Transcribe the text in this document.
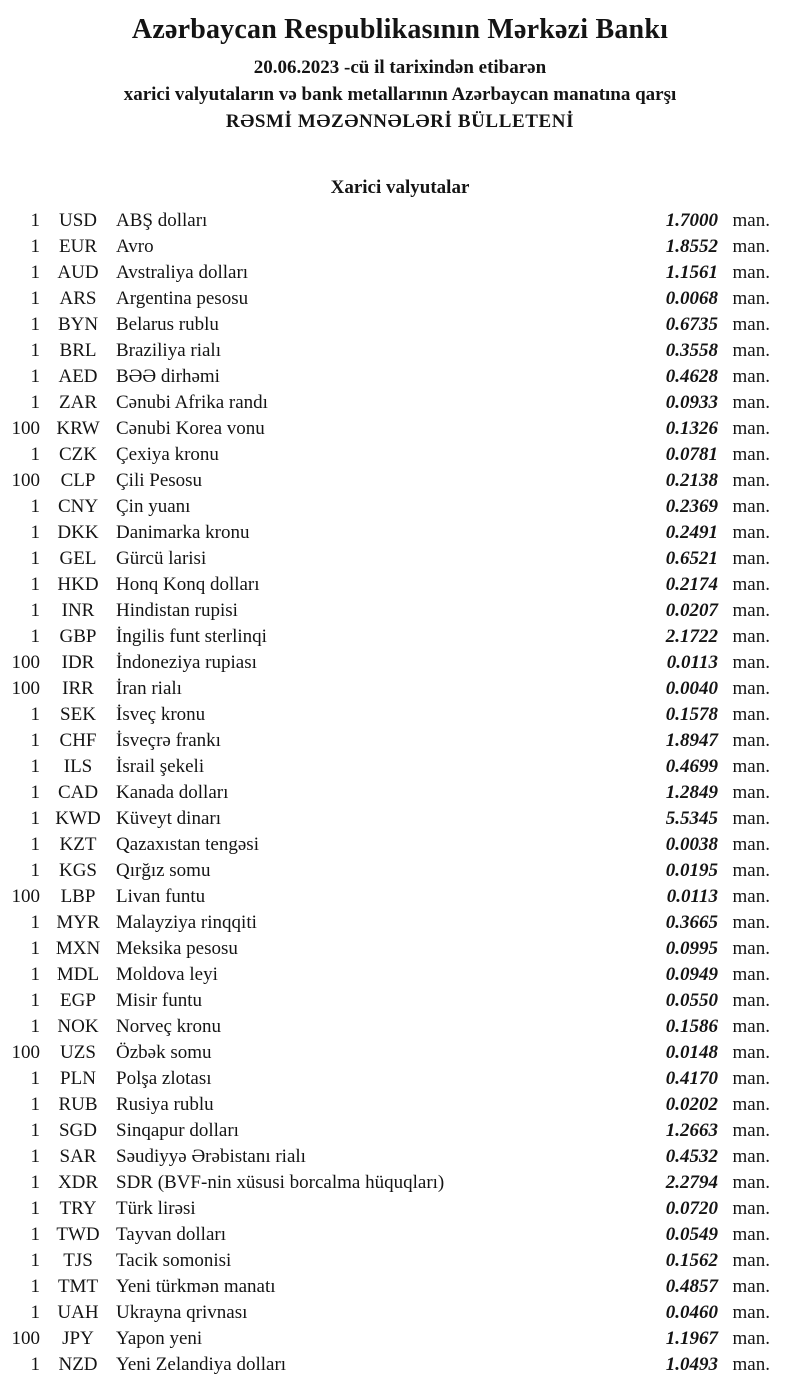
Azərbaycan Respublikasının Mərkəzi Bankı
20.06.2023 -cü il tarixindən etibarən
xarici valyutaların və bank metallarının Azərbaycan manatına qarşı
RƏSMİ MƏZƏNNƏLƏRİ BÜLLETENİ
Xarici valyutalar
1 USD	ABŞ dolları	1.7000 man.
1	EUR	Avro	1.8552 man.
1 AUD Avstraliya dolları	1.1561 man.
1	ARS	Argentina pesosu	0.0068 man.
1 BYN Belarus rublu	0.6735 man.
1	BRL	Braziliya rialı	0.3558 man.
1 AED BƏƏ dirhəmi	0.4628 man.
1	ZAR	Cənubi Afrika randı	0.0933 man.
100 KRW Cənubi Korea vonu	0.1326 man.
1	CZK	Çexiya kronu	0.0781 man.
100	CLP	Çili Pesosu	0.2138 man.
1 CNY Çin yuanı	0.2369 man.
1 DKK Danimarka kronu	0.2491 man.
1	GEL	Gürcü larisi	0.6521 man.
1 HKD Honq Konq dolları	0.2174 man.
1	INR	Hindistan rupisi	0.0207 man.
1	GBP	İngilis funt sterlinqi	2.1722 man.
100	IDR	İndoneziya rupiası	0.0113 man.
100	IRR	İran rialı	0.0040 man.
1	SEK	İsveç kronu	0.1578 man.
1	CHF	İsveçrə frankı	1.8947 man.
1	ILS	İsrail şekeli	0.4699 man.
1 CAD Kanada dolları	1.2849 man.
1 KWD Küveyt dinarı	5.5345 man.
1	KZT	Qazaxıstan tengəsi	0.0038 man.
1 KGS	Qırğız somu	0.0195 man.
100	LBP	Livan funtu	0.0113 man.
1 MYR Malayziya rinqqiti	0.3665 man.
1 MXN Meksika pesosu	0.0995 man.
1 MDL Moldova leyi	0.0949 man.
1	EGP	Misir funtu	0.0550 man.
1 NOK Norveç kronu	0.1586 man.
100	UZS	Özbək somu	0.0148 man.
1	PLN	Polşa zlotası	0.4170 man.
1 RUB Rusiya rublu	0.0202 man.
1 SGD	Sinqapur dolları	1.2663 man.
1	SAR	Səudiyyə Ərəbistanı rialı	0.4532 man.
1 XDR SDR (BVF-nin xüsusi borcalma hüquqları)	2.2794 man.
1	TRY	Türk lirəsi	0.0720 man.
1 TWD Tayvan dolları	0.0549 man.
1	TJS	Tacik somonisi	0.1562 man.
1 TMT Yeni türkmən manatı	0.4857 man.
1 UAH Ukrayna qrivnası	0.0460 man.
100	JPY	Yapon yeni	1.1967 man.
1 NZD Yeni Zelandiya dolları	1.0493 man.
